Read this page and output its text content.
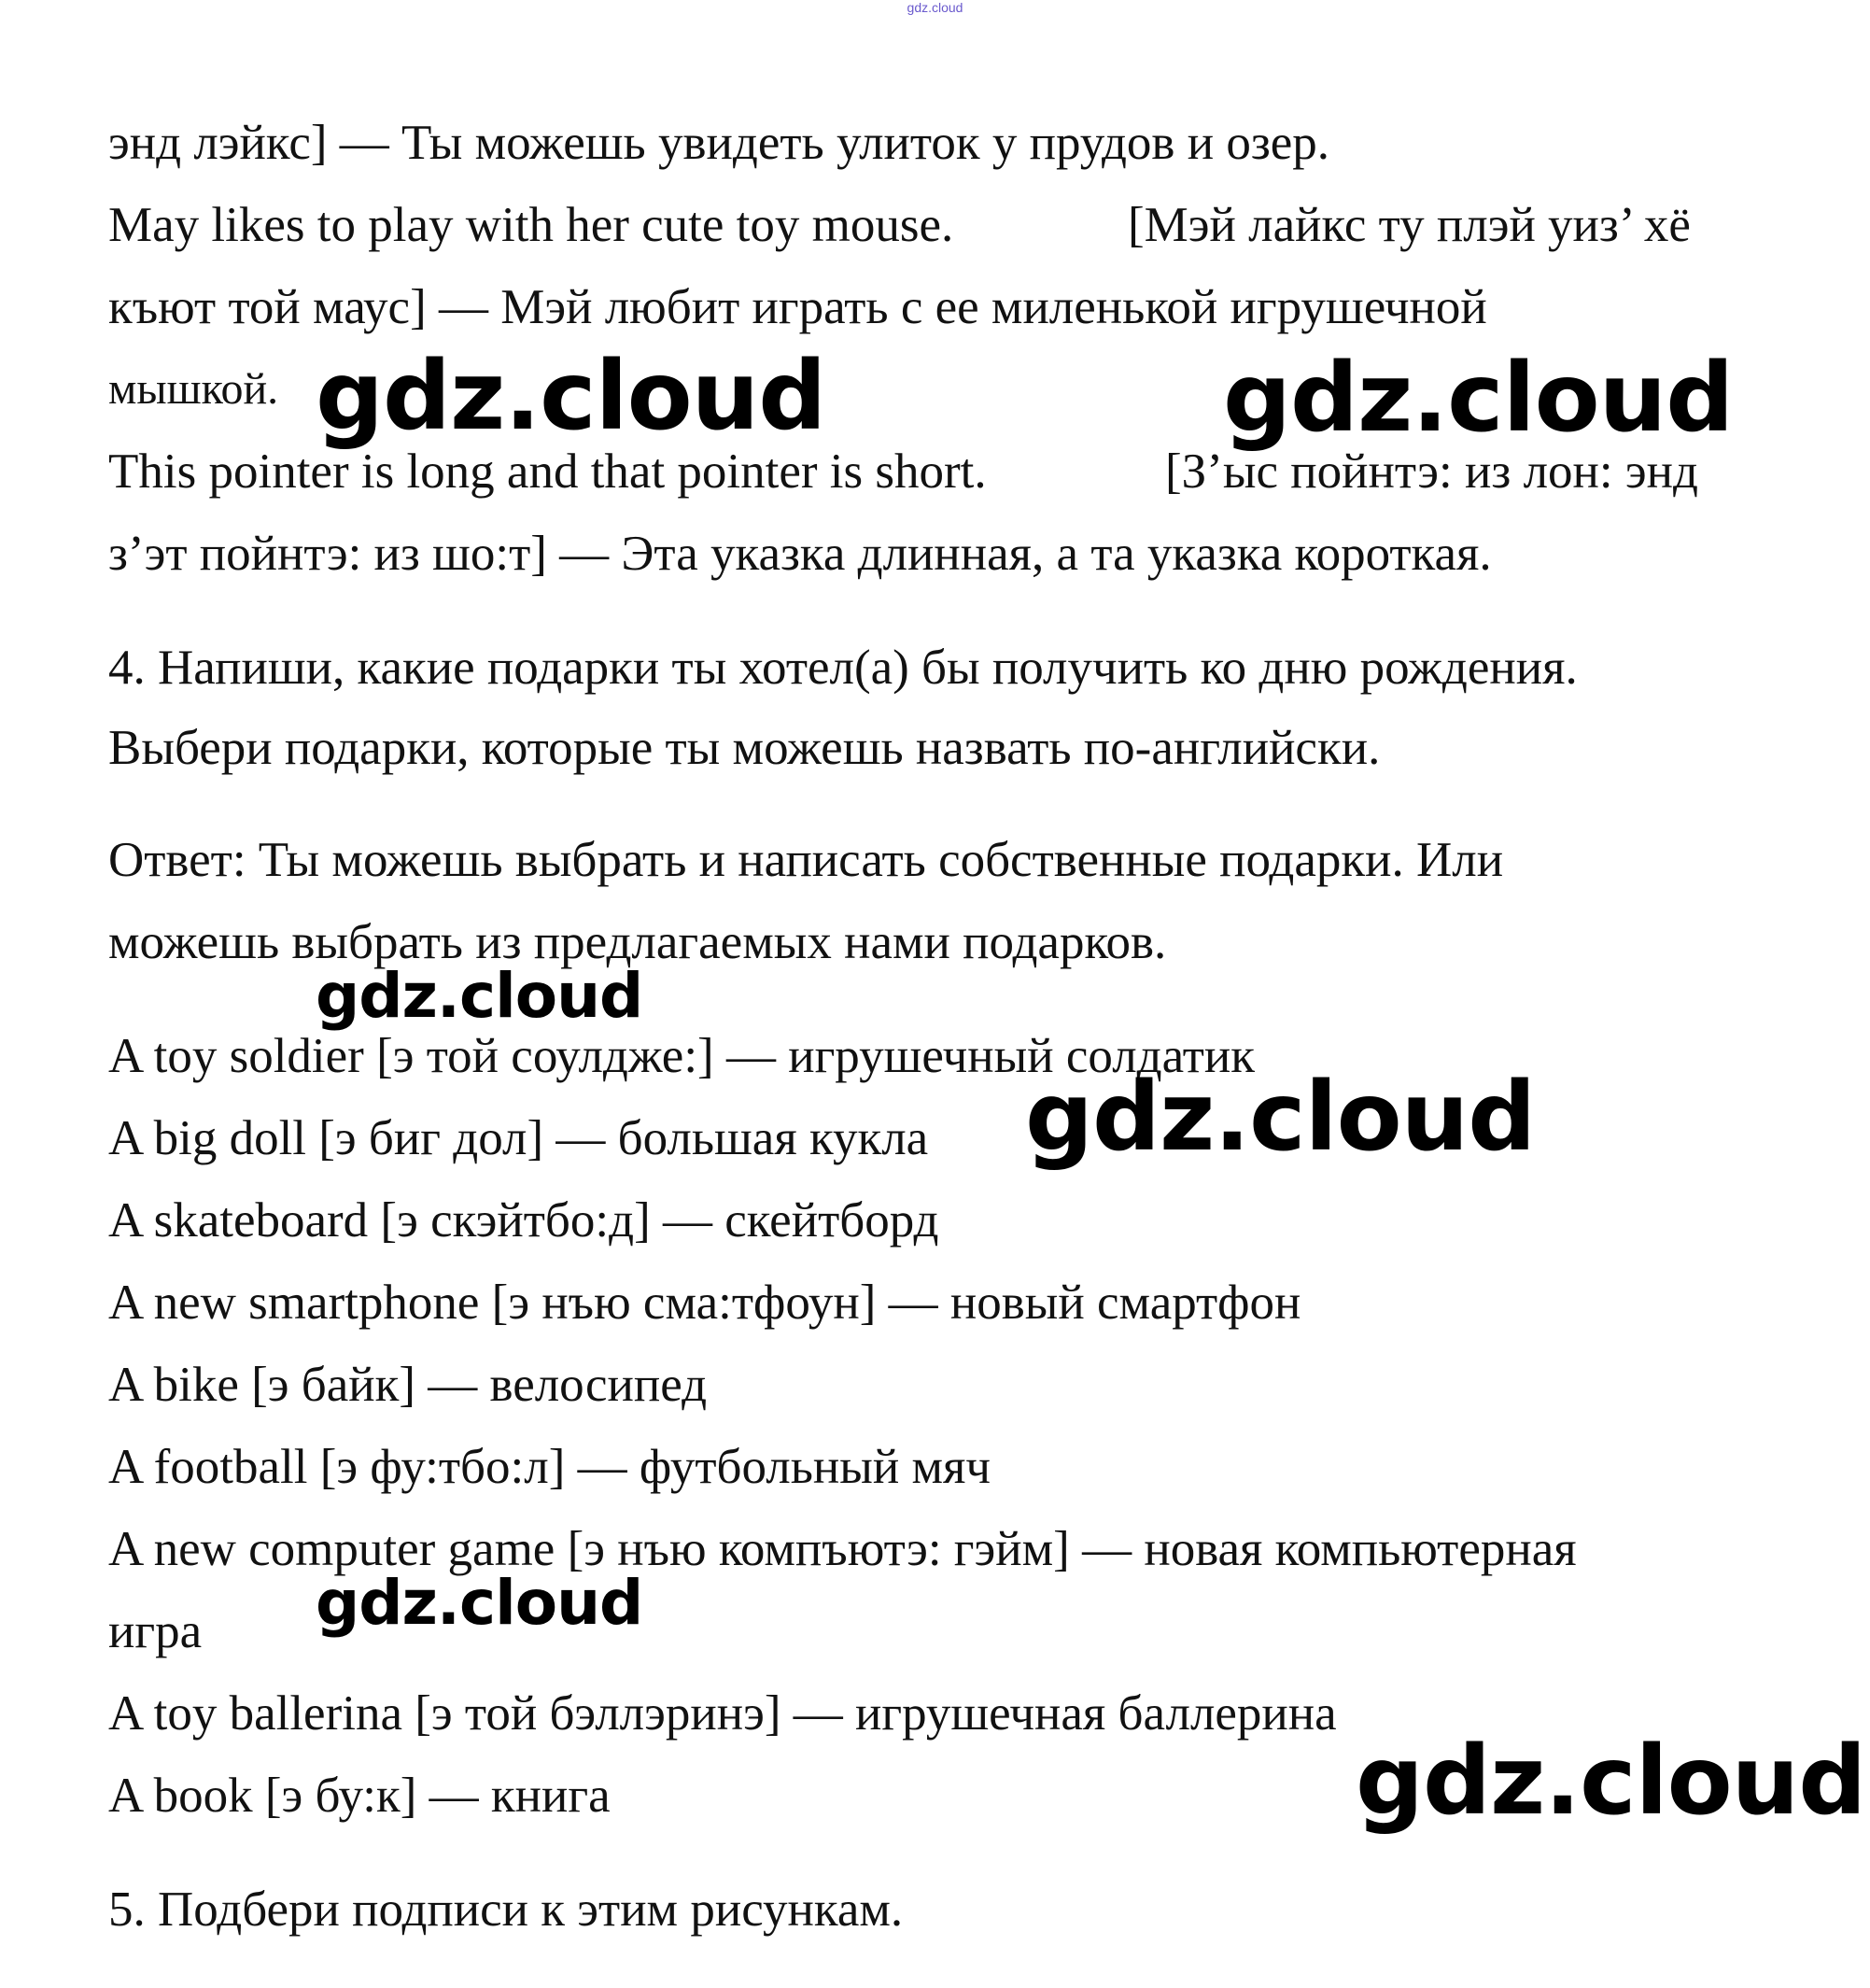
gdz.cloud
энд лэйкс] — Ты можешь увидеть улиток у прудов и озер.
May likes to play with her cute toy mouse.	[Мэй лайкс ту плэй уиз’ хё
къют той маус] — Мэй любит играть с ее миленькой игрушечной
мышкой.
This pointer is long and that pointer is short.	[З’ыс пойнтэ: из лон: энд
з’эт пойнтэ: из шо:т] — Эта указка длинная, а та указка короткая.
4. Напиши, какие подарки ты хотел(а) бы получить ко дню рождения.
Выбери подарки, которые ты можешь назвать по-английски.
Ответ: Ты можешь выбрать и написать собственные подарки. Или
можешь выбрать из предлагаемых нами подарков.
A toy soldier [э той соулдже:] — игрушечный солдатик
A big doll [э биг дол] — большая кукла
A skateboard [э скэйтбо:д] — скейтборд
A new smartphone [э нъю сма:тфоун] — новый смартфон
A bike [э байк] — велосипед
A football [э фу:тбо:л] — футбольный мяч
A new computer game [э нъю компъютэ: гэйм] — новая компьютерная
игра
A toy ballerina [э той бэллэринэ] — игрушечная баллерина
A book [э бу:к] — книга
5. Подбери подписи к этим рисункам.
gdz.cloud	gdz.cloud
gdz.cloud
gdz.cloud
gdz.cloud
gdz.cloud
